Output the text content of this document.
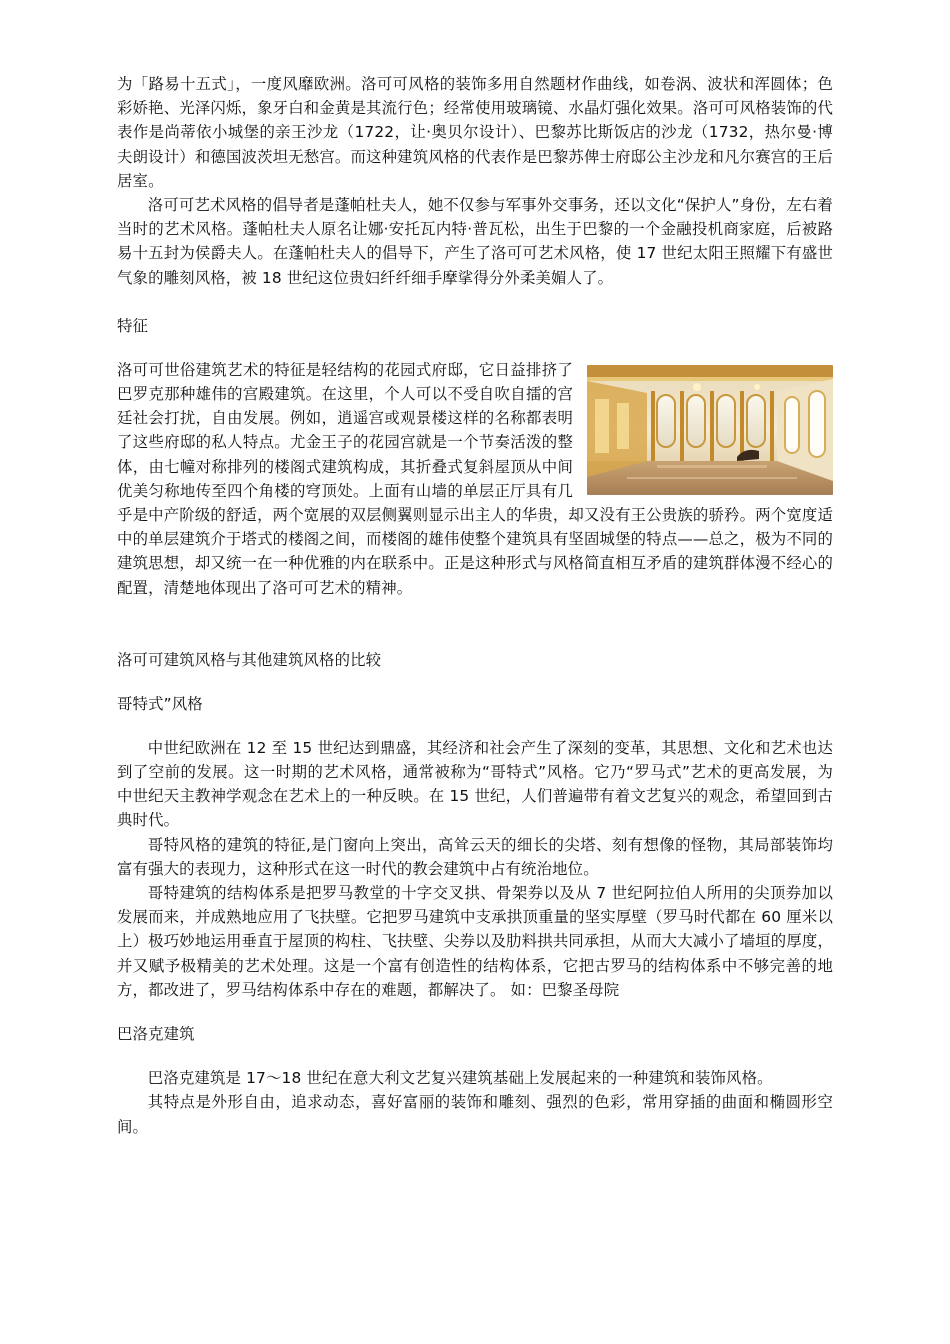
为「路易十五式」，一度风靡欧洲。洛可可风格的装饰多用自然题材作曲线，如卷涡、波状和浑圆体；色彩娇艳、光泽闪烁，象牙白和金黄是其流行色；经常使用玻璃镜、水晶灯强化效果。洛可可风格装饰的代表作是尚蒂依小城堡的亲王沙龙（1722，让·奥贝尔设计）、巴黎苏比斯饭店的沙龙（1732，热尔曼·博夫朗设计）和德国波茨坦无愁宫。而这种建筑风格的代表作是巴黎苏俾士府邸公主沙龙和凡尔赛宫的王后居室。

洛可可艺术风格的倡导者是蓬帕杜夫人，她不仅参与军事外交事务，还以文化“保护人”身份，左右着当时的艺术风格。蓬帕杜夫人原名让娜·安托瓦内特·普瓦松，出生于巴黎的一个金融投机商家庭，后被路易十五封为侯爵夫人。在蓬帕杜夫人的倡导下，产生了洛可可艺术风格，使 17 世纪太阳王照耀下有盛世气象的雕刻风格，被 18 世纪这位贵妇纤纤细手摩挲得分外柔美媚人了。

特征

洛可可世俗建筑艺术的特征是轻结构的花园式府邸，它日益排挤了巴罗克那种雄伟的宫殿建筑。在这里，个人可以不受自吹自擂的宫廷社会打扰，自由发展。例如，逍遥宫或观景楼这样的名称都表明了这些府邸的私人特点。尤金王子的花园宫就是一个节奏活泼的整体，由七幢对称排列的楼阁式建筑构成，其折叠式复斜屋顶从中间优美匀称地传至四个角楼的穹顶处。上面有山墙的单层正厅具有几乎是中产阶级的舒适，两个宽展的双层侧翼则显示出主人的华贵，却又没有王公贵族的骄矜。两个宽度适中的单层建筑介于塔式的楼阁之间，而楼阁的雄伟使整个建筑具有坚固城堡的特点——总之，极为不同的建筑思想，却又统一在一种优雅的内在联系中。正是这种形式与风格简直相互矛盾的建筑群体漫不经心的配置，清楚地体现出了洛可可艺术的精神。

洛可可建筑风格与其他建筑风格的比较

哥特式”风格

中世纪欧洲在 12 至 15 世纪达到鼎盛，其经济和社会产生了深刻的变革，其思想、文化和艺术也达到了空前的发展。这一时期的艺术风格，通常被称为“哥特式”风格。它乃“罗马式”艺术的更高发展，为中世纪天主教神学观念在艺术上的一种反映。在 15 世纪，人们普遍带有着文艺复兴的观念，希望回到古典时代。

哥特风格的建筑的特征,是门窗向上突出，高耸云天的细长的尖塔、刻有想像的怪物，其局部装饰均富有强大的表现力，这种形式在这一时代的教会建筑中占有统治地位。

哥特建筑的结构体系是把罗马教堂的十字交叉拱、骨架券以及从 7 世纪阿拉伯人所用的尖顶券加以发展而来，并成熟地应用了飞扶壁。它把罗马建筑中支承拱顶重量的坚实厚壁（罗马时代都在 60 厘米以上）极巧妙地运用垂直于屋顶的构柱、飞扶壁、尖券以及肋料拱共同承担，从而大大减小了墙垣的厚度，并又赋予极精美的艺术处理。这是一个富有创造性的结构体系，它把古罗马的结构体系中不够完善的地方，都改进了，罗马结构体系中存在的难题，都解决了。 如：巴黎圣母院

巴洛克建筑

巴洛克建筑是 17～18 世纪在意大利文艺复兴建筑基础上发展起来的一种建筑和装饰风格。

其特点是外形自由，追求动态，喜好富丽的装饰和雕刻、强烈的色彩，常用穿插的曲面和椭圆形空间。
